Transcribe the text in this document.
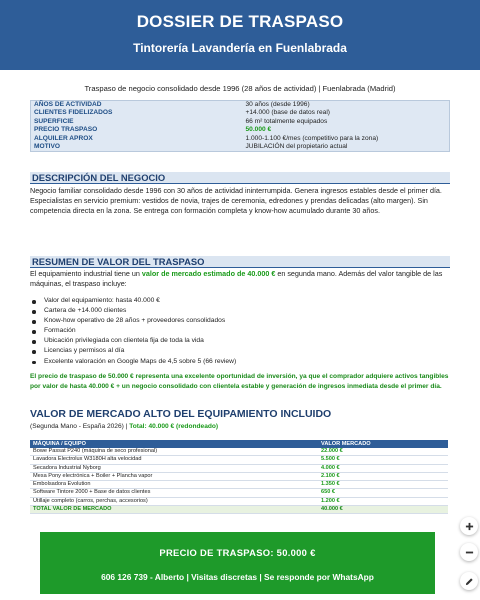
DOSSIER DE TRASPASO
Tintorería Lavandería en Fuenlabrada
Traspaso de negocio consolidado desde 1996 (28 años de actividad) | Fuenlabrada (Madrid)
AÑOS DE ACTIVIDAD	30 años (desde 1996)
CLIENTES FIDELIZADOS	+14.000 (base de datos real)
SUPERFICIE	66 m² totalmente equipados
PRECIO TRASPASO	50.000 €
ALQUILER APROX	1.000-1.100 €/mes (competitivo para la zona)
MOTIVO	JUBILACIÓN del propietario actual
DESCRIPCIÓN DEL NEGOCIO
Negocio familiar consolidado desde 1996 con 30 años de actividad ininterrumpida. Genera ingresos estables desde el primer día. Especialistas en servicio premium: vestidos de novia, trajes de ceremonia, edredones y prendas delicadas (alto margen). Sin competencia directa en la zona. Se entrega con formación completa y know-how acumulado durante 30 años.
RESUMEN DE VALOR DEL TRASPASO
El equipamiento industrial tiene un valor de mercado estimado de 40.000 € en segunda mano. Además del valor tangible de las máquinas, el traspaso incluye:
Valor del equipamiento: hasta 40.000 €
Cartera de +14.000 clientes
Know-how operativo de 28 años + proveedores consolidados
Formación
Ubicación privilegiada con clientela fija de toda la vida
Licencias y permisos al día
Excelente valoración en Google Maps de 4,5 sobre 5 (66 review)
El precio de traspaso de 50.000 € representa una excelente oportunidad de inversión, ya que el comprador adquiere activos tangibles por valor de hasta 40.000 € + un negocio consolidado con clientela estable y generación de ingresos inmediata desde el primer día.
VALOR DE MERCADO ALTO DEL EQUIPAMIENTO INCLUIDO
(Segunda Mano - España 2026) | Total: 40.000 € (redondeado)
MÁQUINA / EQUIPO	VALOR MERCADO
Bowe Passat P240 (máquina de seco profesional)	22.000 €
Lavadora Electrolux W3180H alta velocidad	5.500 €
Secadora Industrial Nyborg	4.000 €
Mesa Pony electrónica + Boiler + Plancha vapor	2.100 €
Embolsadora Evolution	1.350 €
Software Tintore 2000 + Base de datos clientes	650 €
Utillaje completo (carros, perchas, accesorios)	1.200 €
TOTAL VALOR DE MERCADO	40.000 €
PRECIO DE TRASPASO: 50.000 €
606 126 739 - Alberto | Visitas discretas | Se responde por WhatsApp
